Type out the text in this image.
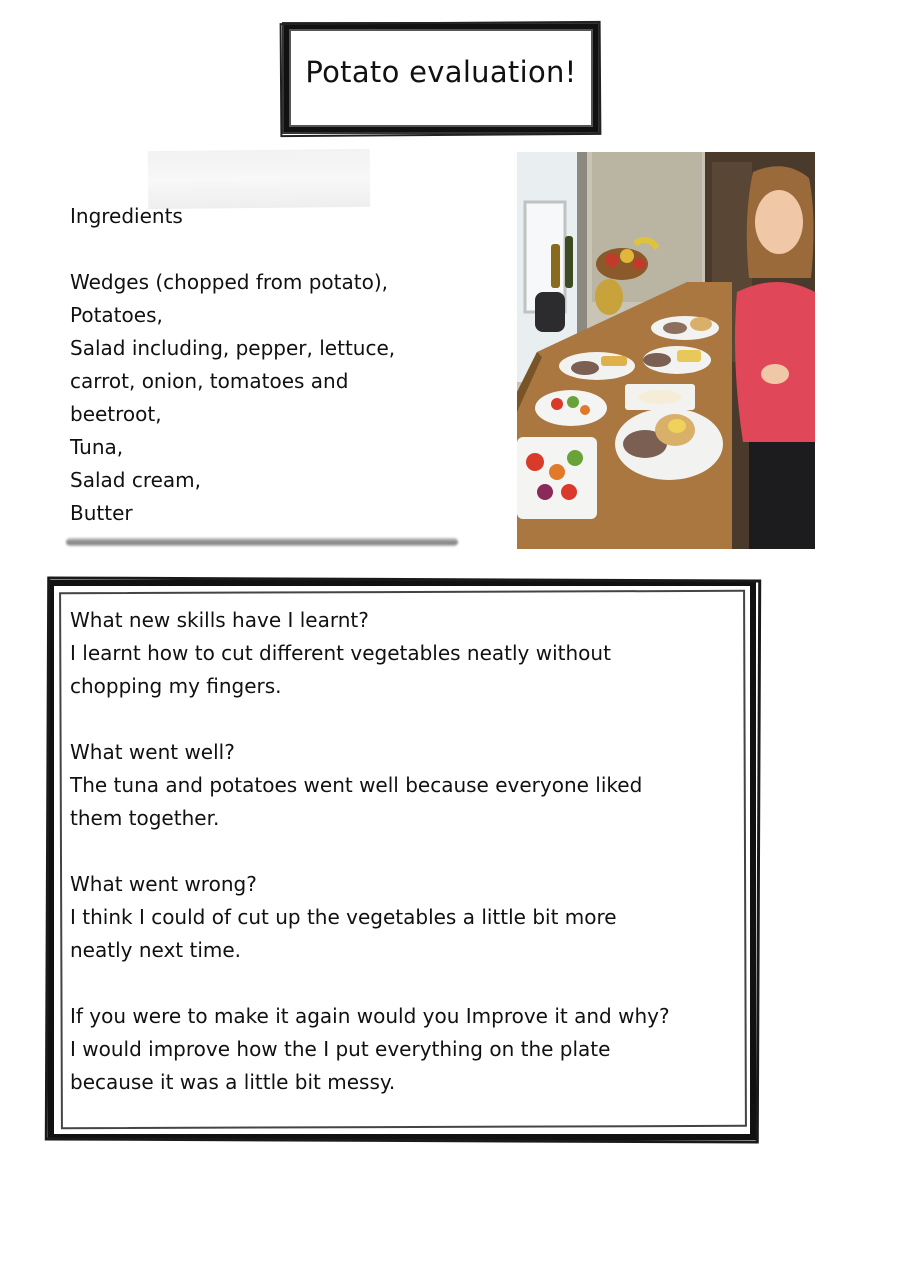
Potato evaluation!

Ingredients

Wedges (chopped from potato),
Potatoes,
Salad including, pepper, lettuce,
carrot, onion, tomatoes and
beetroot,
Tuna,
Salad cream,
Butter

What new skills have I learnt?

I learnt how to cut different vegetables neatly without

chopping my fingers.

What went well?

The tuna and potatoes went well because everyone liked

them together.

What went wrong?

I think I could of cut up the vegetables a little bit more

neatly next time.

If you were to make it again would you Improve it and why?

I would improve how the I put everything on the plate

because it was a little bit messy.
